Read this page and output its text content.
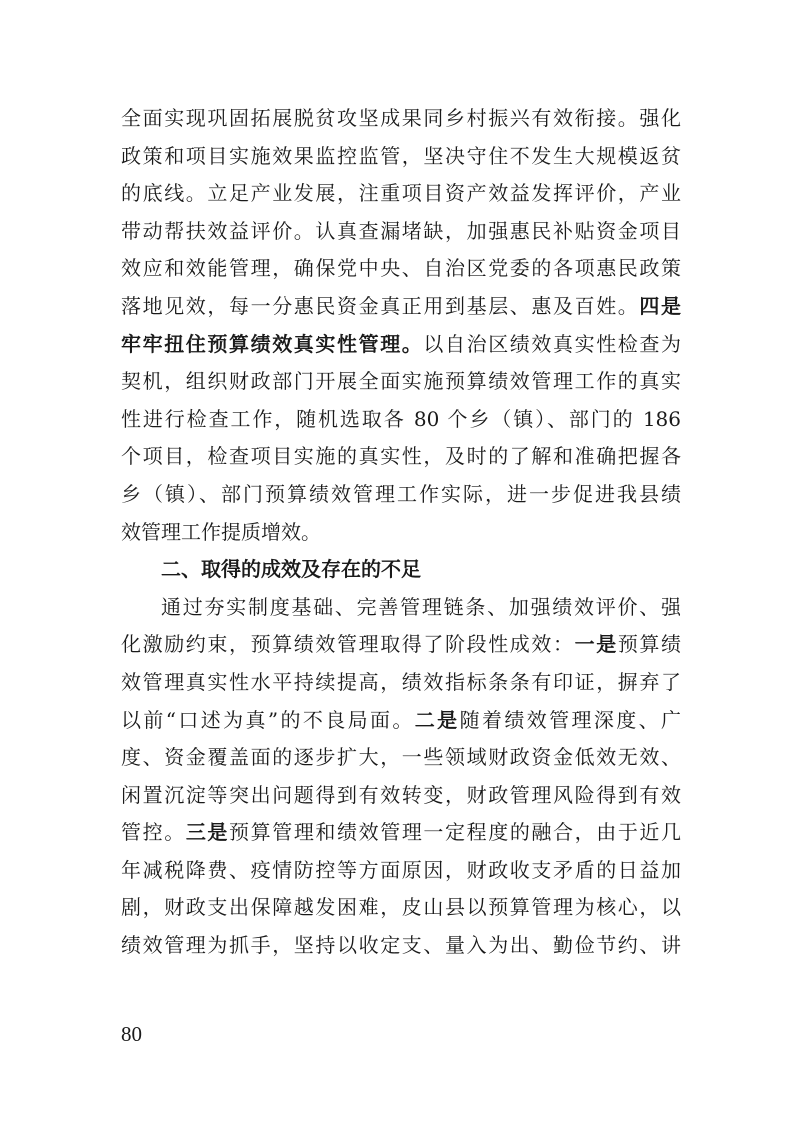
全面实现巩固拓展脱贫攻坚成果同乡村振兴有效衔接。强化
政策和项目实施效果监控监管，坚决守住不发生大规模返贫
的底线。立足产业发展，注重项目资产效益发挥评价，产业
带动帮扶效益评价。认真查漏堵缺，加强惠民补贴资金项目
效应和效能管理，确保党中央、自治区党委的各项惠民政策
落地见效，每一分惠民资金真正用到基层、惠及百姓。四是
牢牢扭住预算绩效真实性管理。以自治区绩效真实性检查为
契机，组织财政部门开展全面实施预算绩效管理工作的真实
性进行检查工作，随机选取各 80 个乡（镇）、部门的 186
个项目，检查项目实施的真实性，及时的了解和准确把握各
乡（镇）、部门预算绩效管理工作实际，进一步促进我县绩
效管理工作提质增效。
二、取得的成效及存在的不足
通过夯实制度基础、完善管理链条、加强绩效评价、强
化激励约束，预算绩效管理取得了阶段性成效：一是预算绩
效管理真实性水平持续提高，绩效指标条条有印证，摒弃了
以前“口述为真”的不良局面。二是随着绩效管理深度、广
度、资金覆盖面的逐步扩大，一些领域财政资金低效无效、
闲置沉淀等突出问题得到有效转变，财政管理风险得到有效
管控。三是预算管理和绩效管理一定程度的融合，由于近几
年减税降费、疫情防控等方面原因，财政收支矛盾的日益加
剧，财政支出保障越发困难，皮山县以预算管理为核心，以
绩效管理为抓手，坚持以收定支、量入为出、勤俭节约、讲
80
